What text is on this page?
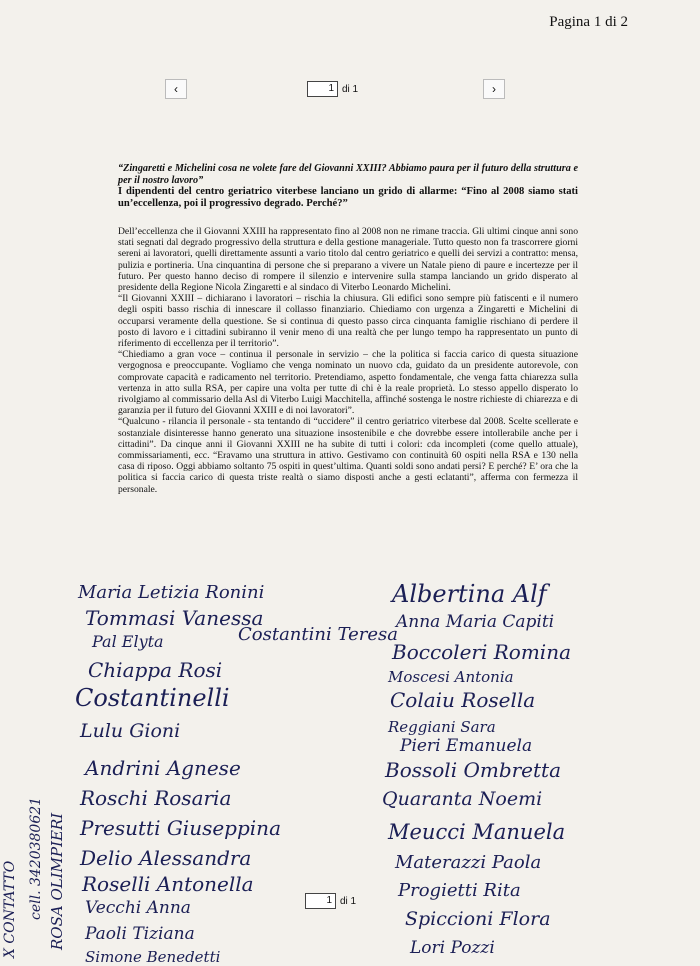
Pagina 1 di 2
‹	1 di 1	›
“Zingaretti e Michelini cosa ne volete fare del Giovanni XXIII? Abbiamo paura per il futuro della struttura e per il nostro lavoro”
I dipendenti del centro geriatrico viterbese lanciano un grido di allarme: “Fino al 2008 siamo stati un’eccellenza, poi il progressivo degrado. Perché?”

Dell’eccellenza che il Giovanni XXIII ha rappresentato fino al 2008 non ne rimane traccia. Gli ultimi cinque anni sono stati segnati dal degrado progressivo della struttura e della gestione manageriale. Tutto questo non fa trascorrere giorni sereni ai lavoratori, quelli direttamente assunti a vario titolo dal centro geriatrico e quelli dei servizi a contratto: mensa, pulizia e portineria. Una cinquantina di persone che si preparano a vivere un Natale pieno di paure e incertezze per il futuro. Per questo hanno deciso di rompere il silenzio e intervenire sulla stampa lanciando un grido disperato al presidente della Regione Nicola Zingaretti e al sindaco di Viterbo Leonardo Michelini.

“Il Giovanni XXIII – dichiarano i lavoratori – rischia la chiusura. Gli edifici sono sempre più fatiscenti e il numero degli ospiti basso rischia di innescare il collasso finanziario. Chiediamo con urgenza a Zingaretti e Michelini di occuparsi veramente della questione. Se si continua di questo passo circa cinquanta famiglie rischiano di perdere il posto di lavoro e i cittadini subiranno il venir meno di una realtà che per lungo tempo ha rappresentato un punto di riferimento di eccellenza per il territorio”.

“Chiediamo a gran voce – continua il personale in servizio – che la politica si faccia carico di questa situazione vergognosa e preoccupante. Vogliamo che venga nominato un nuovo cda, guidato da un presidente autorevole, con comprovate capacità e radicamento nel territorio. Pretendiamo, aspetto fondamentale, che venga fatta chiarezza sulla vertenza in atto sulla RSA, per capire una volta per tutte di chi è la reale proprietà. Lo stesso appello disperato lo rivolgiamo al commissario della Asl di Viterbo Luigi Macchitella, affinché sostenga le nostre richieste di chiarezza e di garanzia per il futuro del Giovanni XXIII e di noi lavoratori”.

“Qualcuno - rilancia il personale - sta tentando di “uccidere” il centro geriatrico viterbese dal 2008. Scelte scellerate e sostanziale disinteresse hanno generato una situazione insostenibile e che dovrebbe essere intollerabile anche per i cittadini”. Da cinque anni il Giovanni XXIII ne ha subite di tutti i colori: cda incompleti (come quello attuale), commissariamenti, ecc. “Eravamo una struttura in attivo. Gestivamo con continuità 60 ospiti nella RSA e 130 nella casa di riposo. Oggi abbiamo soltanto 75 ospiti in quest’ultima. Quanti soldi sono andati persi? E perché? E’ ora che la politica si faccia carico di questa triste realtà o siamo disposti anche a gesti eclatanti”, afferma con fermezza il personale.

Maria Letizia Ronini
Tommasi Vanessa
Pal Elyta
Chiappa Rosi
Costantinelli
Lulu Gioni
Andrini Agnese
Roschi Rosaria
Presutti Giuseppina
Delio Alessandra
Roselli Antonella
Vecchi Anna
Paoli Tiziana
Simone Benedetti
Costantini Teresa
Albertina Alf
Anna Maria Capiti
Boccoleri Romina
Moscesi Antonia
Colaiu Rosella
Reggiani Sara
Pieri Emanuela
Bossoli Ombretta
Quaranta Noemi
Meucci Manuela
Materazzi Paola
Progietti Rita
Spiccioni Flora
Lori Pozzi
1 di 1
ROSA OLIMPIERI
cell. 3420380621
X CONTATTO
